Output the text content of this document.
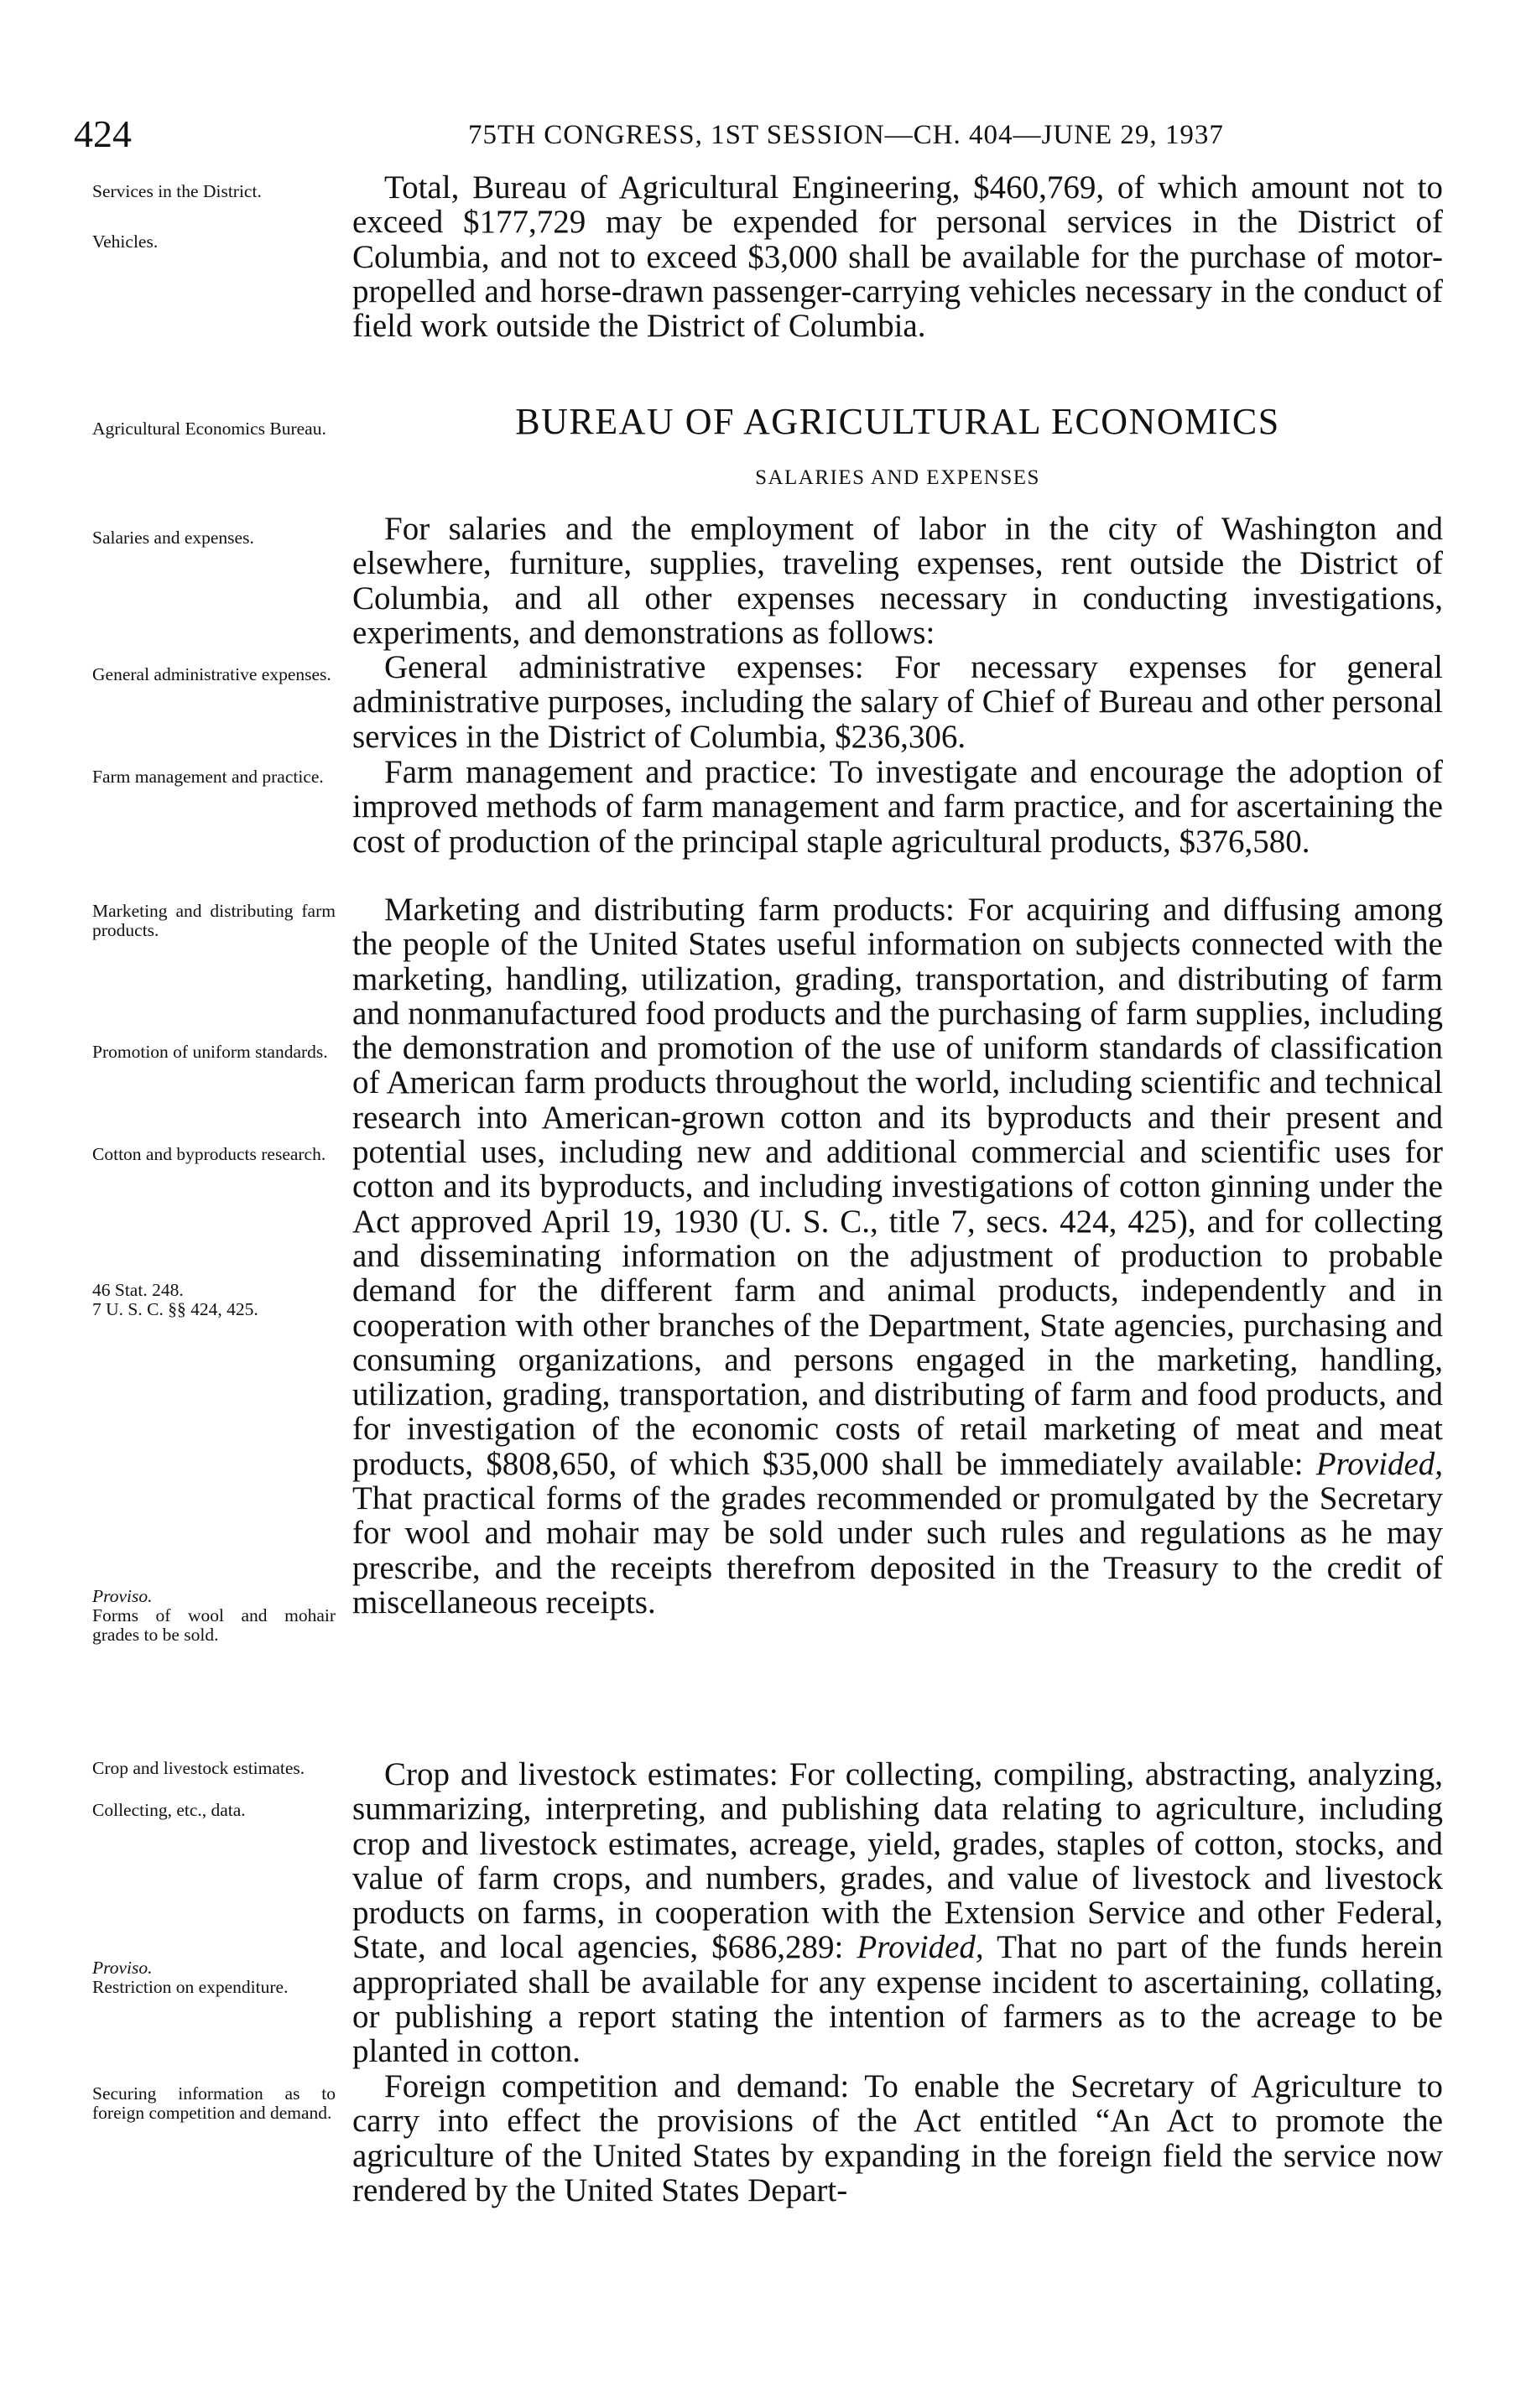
424	75TH CONGRESS, 1ST SESSION—CH. 404—JUNE 29, 1937
Services in the District.
Vehicles.
Agricultural Economics Bureau.
Salaries and expenses.
General administrative expenses.
Farm management and practice.
Marketing and distributing farm products.
Promotion of uniform standards.
Cotton and byproducts research.
46 Stat. 248.
7 U. S. C. §§ 424, 425.
Proviso.
Forms of wool and mohair grades to be sold.
Crop and livestock estimates.
Collecting, etc., data.
Proviso.
Restriction on expenditure.
Securing information as to foreign competition and demand.

Total, Bureau of Agricultural Engineering, $460,769, of which amount not to exceed $177,729 may be expended for personal services in the District of Columbia, and not to exceed $3,000 shall be available for the purchase of motor-propelled and horse-drawn passenger-carrying vehicles necessary in the conduct of field work outside the District of Columbia.

BUREAU OF AGRICULTURAL ECONOMICS
SALARIES AND EXPENSES

For salaries and the employment of labor in the city of Washington and elsewhere, furniture, supplies, traveling expenses, rent outside the District of Columbia, and all other expenses necessary in conducting investigations, experiments, and demonstrations as follows:

General administrative expenses: For necessary expenses for general administrative purposes, including the salary of Chief of Bureau and other personal services in the District of Columbia, $236,306.

Farm management and practice: To investigate and encourage the adoption of improved methods of farm management and farm practice, and for ascertaining the cost of production of the principal staple agricultural products, $376,580.

Marketing and distributing farm products: For acquiring and diffusing among the people of the United States useful information on subjects connected with the marketing, handling, utilization, grading, transportation, and distributing of farm and nonmanufactured food products and the purchasing of farm supplies, including the demonstration and promotion of the use of uniform standards of classification of American farm products throughout the world, including scientific and technical research into American-grown cotton and its byproducts and their present and potential uses, including new and additional commercial and scientific uses for cotton and its byproducts, and including investigations of cotton ginning under the Act approved April 19, 1930 (U. S. C., title 7, secs. 424, 425), and for collecting and disseminating information on the adjustment of production to probable demand for the different farm and animal products, independently and in cooperation with other branches of the Department, State agencies, purchasing and consuming organizations, and persons engaged in the marketing, handling, utilization, grading, transportation, and distributing of farm and food products, and for investigation of the economic costs of retail marketing of meat and meat products, $808,650, of which $35,000 shall be immediately available: Provided, That practical forms of the grades recommended or promulgated by the Secretary for wool and mohair may be sold under such rules and regulations as he may prescribe, and the receipts therefrom deposited in the Treasury to the credit of miscellaneous receipts.

Crop and livestock estimates: For collecting, compiling, abstracting, analyzing, summarizing, interpreting, and publishing data relating to agriculture, including crop and livestock estimates, acreage, yield, grades, staples of cotton, stocks, and value of farm crops, and numbers, grades, and value of livestock and livestock products on farms, in cooperation with the Extension Service and other Federal, State, and local agencies, $686,289: Provided, That no part of the funds herein appropriated shall be available for any expense incident to ascertaining, collating, or publishing a report stating the intention of farmers as to the acreage to be planted in cotton.

Foreign competition and demand: To enable the Secretary of Agriculture to carry into effect the provisions of the Act entitled “An Act to promote the agriculture of the United States by expanding in the foreign field the service now rendered by the United States Depart-
